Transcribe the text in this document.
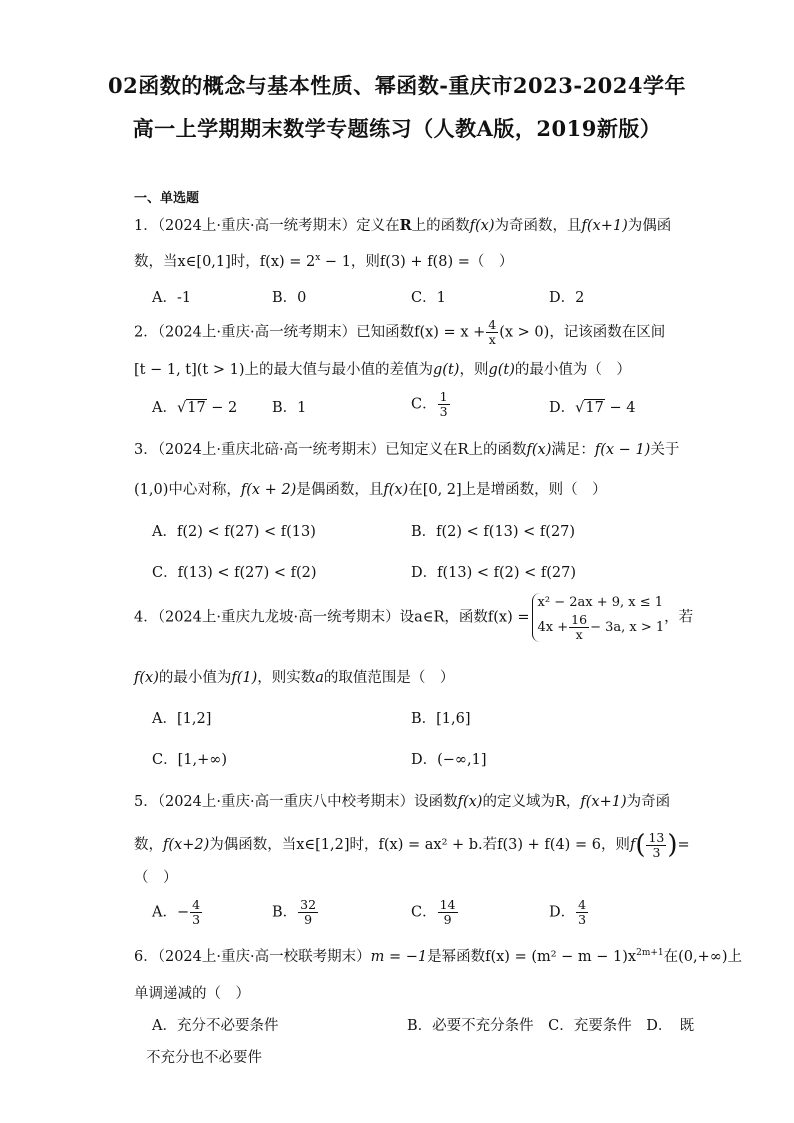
02函数的概念与基本性质、幂函数-重庆市2023-2024学年
高一上学期期末数学专题练习（人教A版，2019新版）
一、单选题
1．（2024上·重庆·高一统考期末）定义在R上的函数f(x)为奇函数，且f(x+1)为偶函
数，当x∈[0,1]时，$f(x) = 2^x - 1$，则f(3) + f(8) =（　）
A．-1	B．0	C．1	D．2
2．（2024上·重庆·高一统考期末）已知函数$f(x) = x + \frac{4}{x} (x > 0)$，记该函数在区间
[t − 1, t](t > 1)上的最大值与最小值的差值为g(t)，则g(t)的最小值为（　）
A．√17 − 2 B．1	C． $\frac{1}{3}$	D．√17 − 4
3．（2024上·重庆北碚·高一统考期末）已知定义在R上的函数f(x)满足：f(x − 1)关于
(1,0)中心对称，f(x + 2)是偶函数，且f(x)在[0, 2]上是增函数，则（　）
A．f(2) < f(27) < f(13)	B．f(2) < f(13) < f(27)
C．f(13) < f(27) < f(2)	D．f(13) < f(2) < f(27)
4．（2024上·重庆九龙坡·高一统考期末）设a∈R，函数f(x) =
x² − 2ax + 9, x ≤ 1
$4x + \frac{16}{x} - 3a$, x > 1
，若
f(x)的最小值为f(1)，则实数a的取值范围是（　）
A．[1,2]	B．[1,6]
C．[1,+∞)	D．(−∞,1]
5．（2024上·重庆·高一重庆八中校考期末）设函数f(x)的定义域为R，f(x+1)为奇函
数，f(x+2)为偶函数，当x∈[1,2]时，f(x) = ax² + b.若f(3) + f(4) = 6，则$f( \frac{13}{3}$ )=
（　）
A．− $\frac{4}{3}$	B． $\frac{32}{9}$	C． $\frac{14}{9}$	D． $\frac{4}{3}$
6．（2024上·重庆·高一校联考期末）m = −1是幂函数$f(x) = (m^2 - m - 1)x^{2m+1}$在(0,+∞)上
单调递减的（　）
A．充分不必要条件	B．必要不充分条件　C．充要条件　D．　既
不充分也不必要件
